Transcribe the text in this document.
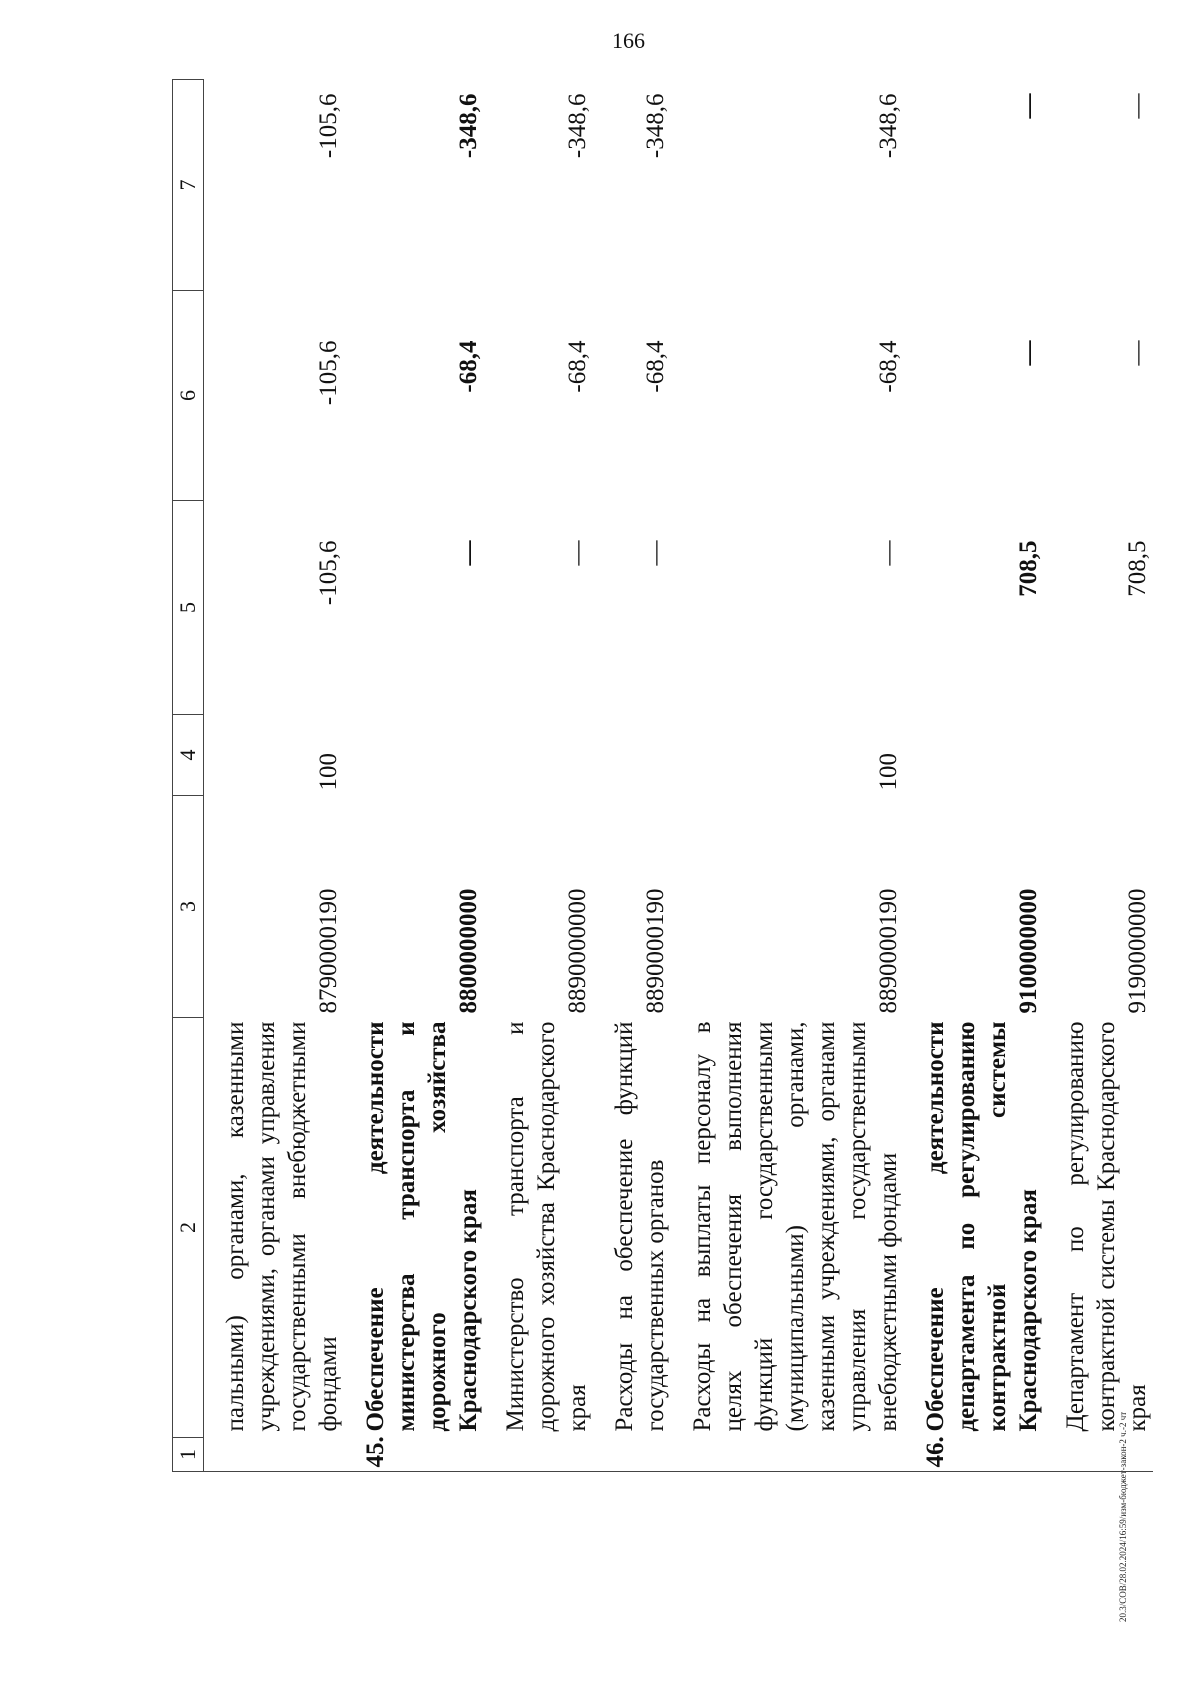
166
20.3/СОВ/28.02.2024/16:59/изм-бюджет-закон-2 ч.-2 чт
1	2	3	4	5	6	7

	пальными) органами, казенными учреждениями, органами управления государственными внебюджетными фондами	8790000190	100	-105,6	-105,6	-105,6

	45.Обеспечение деятельности министерства транспорта и дорожного хозяйства Краснодарского края	8800000000		—	-68,4	-348,6

	Министерство транспорта и дорожного хозяйства Краснодарского края	8890000000		—	-68,4	-348,6

	Расходы на обеспечение функций государственных органов	8890000190		—	-68,4	-348,6

	Расходы на выплаты персоналу в целях обеспечения выполнения функций государственными (муниципальными) органами, казенными учреждениями, органами управления государственными внебюджетными фондами	8890000190	100	—	-68,4	-348,6

	46.Обеспечение деятельности департамента по регулированию контрактной системы Краснодарского края	9100000000		708,5	—	—

	Департамент по регулированию контрактной системы Краснодарского края	9190000000		708,5	—	—
